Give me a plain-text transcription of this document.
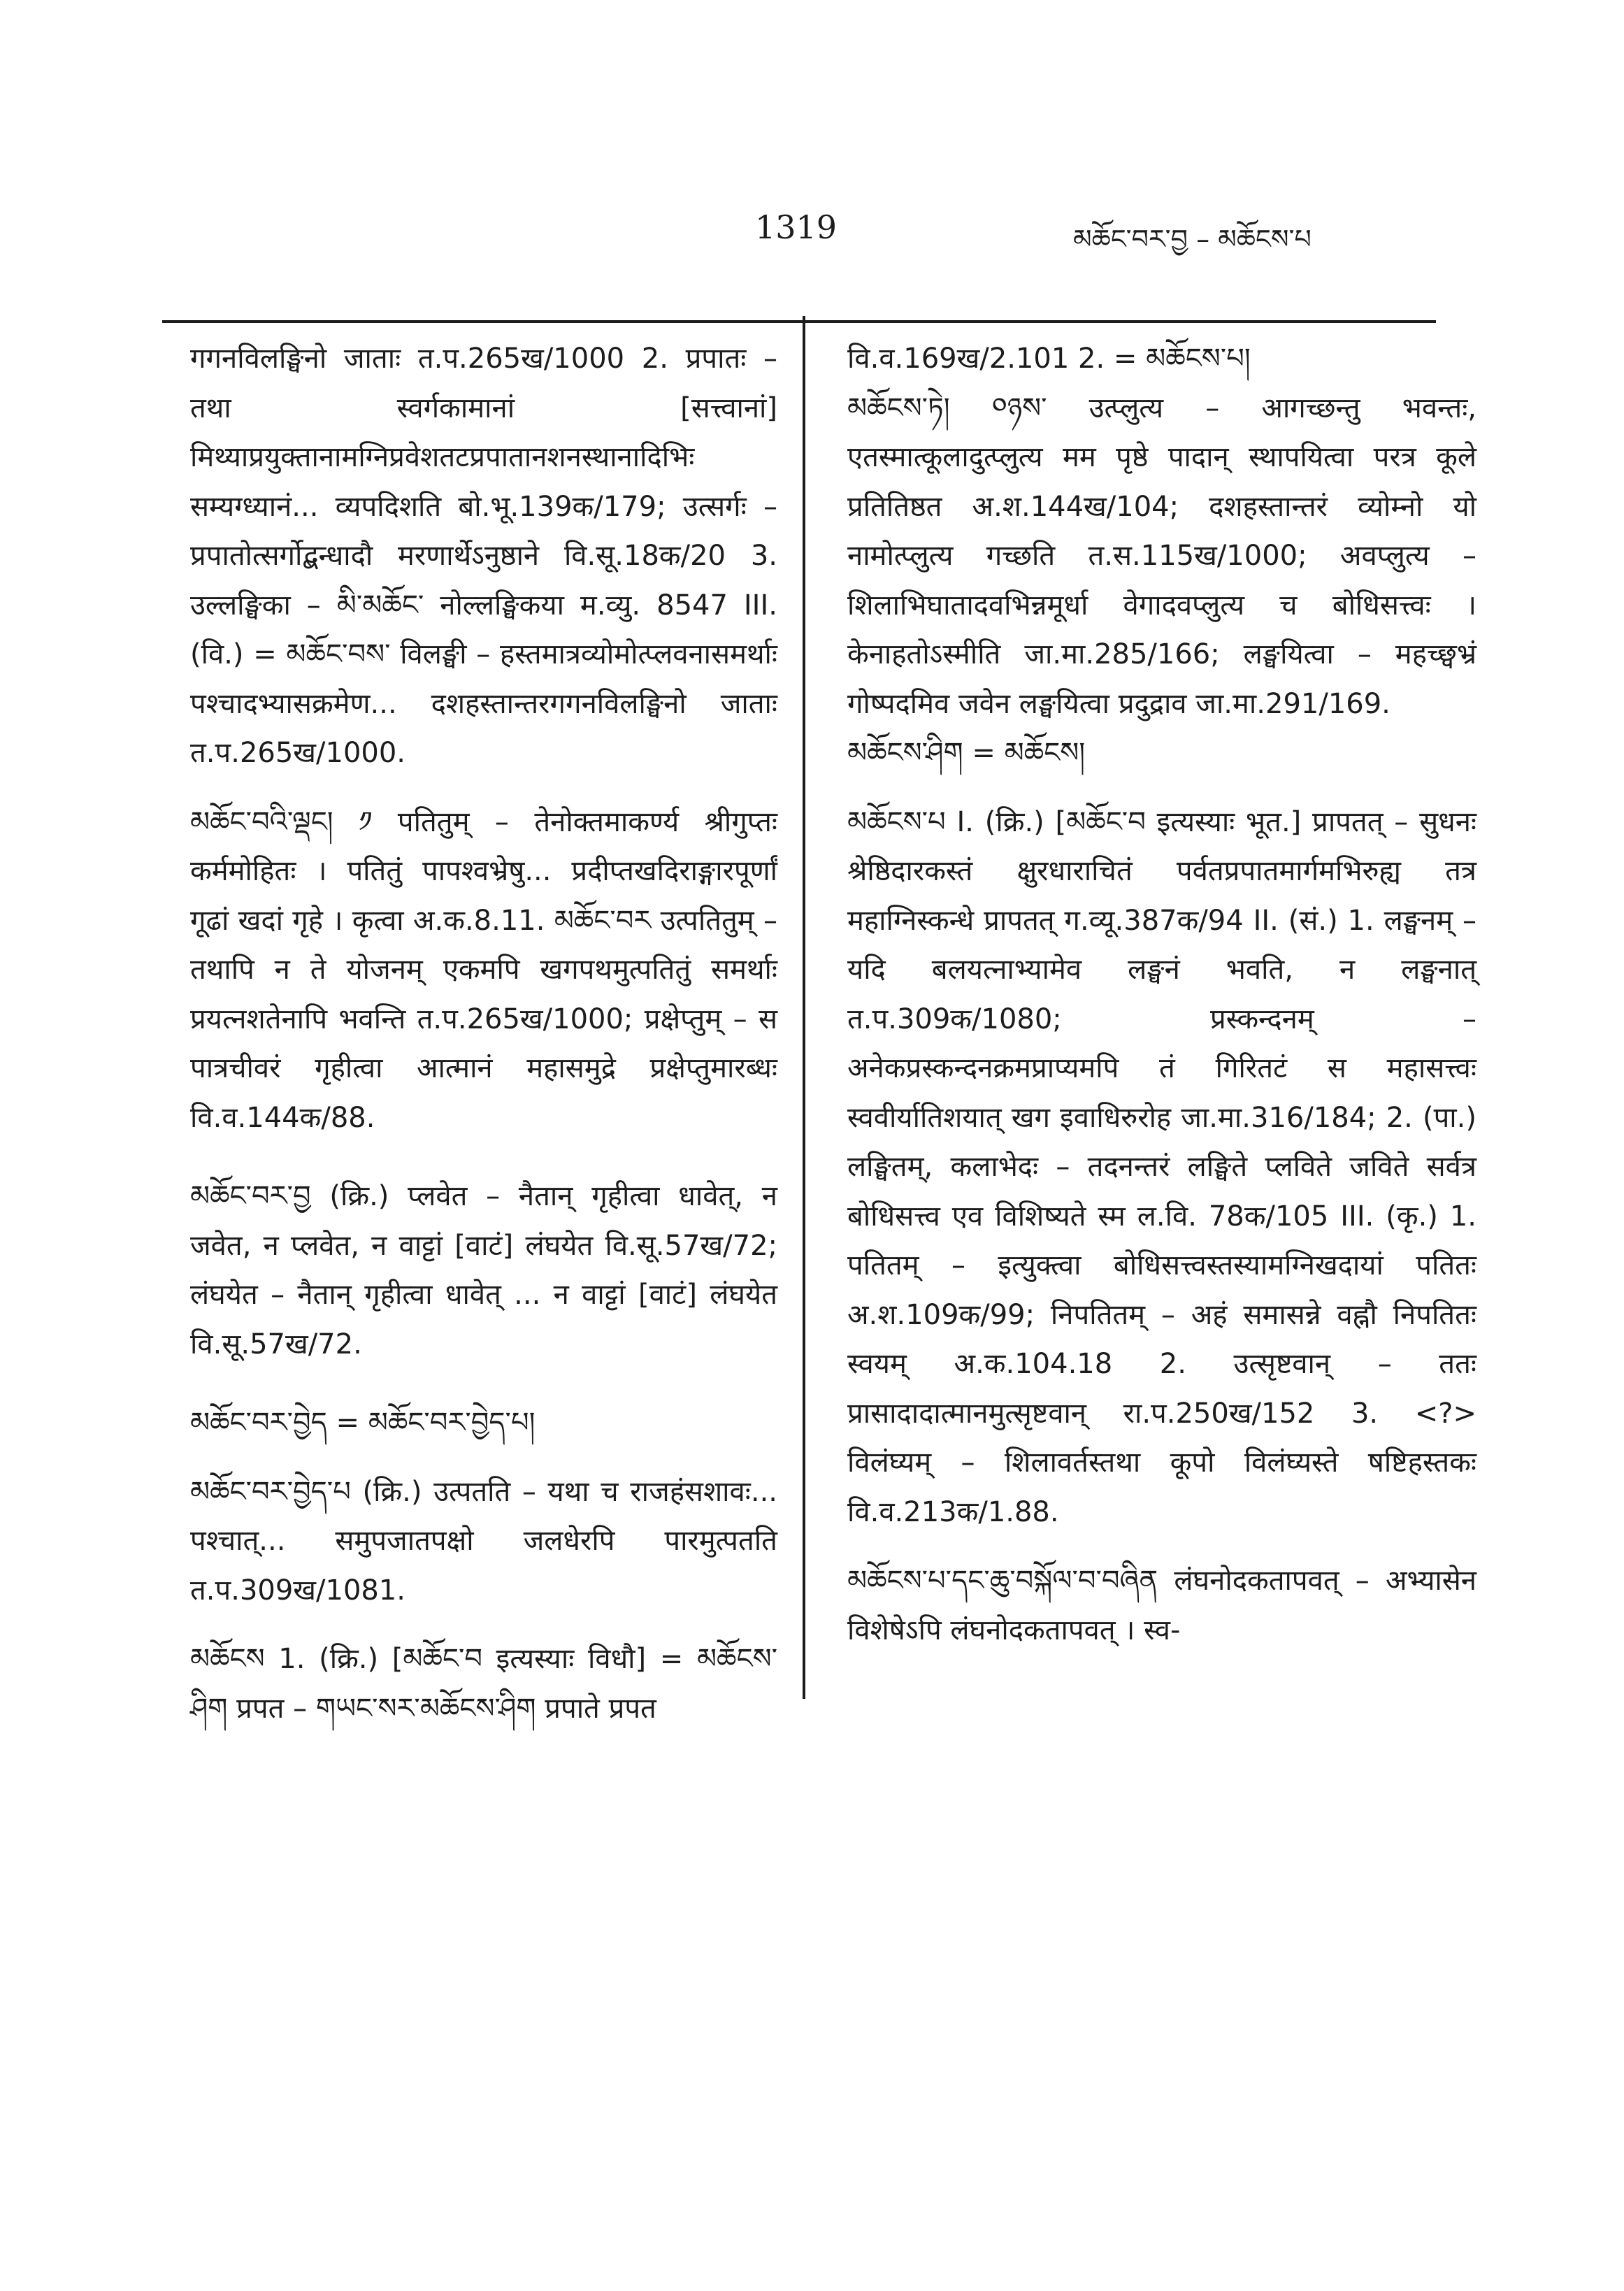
1319	མཆོང་བར་བྱ – མཆོངས་པ

गगनविलङ्घिनो जाताः त.प.265ख/1000 2. प्रपातः – तथा स्वर्गकामानां [सत्त्वानां] मिथ्याप्रयुक्तानामग्निप्रवेशतटप्रपातानशनस्थानादिभिः सम्यग्ध्यानं... व्यपदिशति बो.भू.139क/179; उत्सर्गः – प्रपातोत्सर्गोद्बन्धादौ मरणार्थेऽनुष्ठाने वि.सू.18क/20 3. उल्लङ्घिका – མི་མཆོང་ नोल्लङ्घिकया म.व्यु. 8547 III. (वि.) = མཆོང་བས་ विलङ्घी – हस्तमात्रव्योमोत्प्लवनासमर्थाः पश्चादभ्यासक्रमेण... दशहस्तान्तरगगनविलङ्घिनो जाताः त.प.265ख/1000.

མཆོང་བའི་ལྡང། ༡ पतितुम् – तेनोक्तमाकर्ण्य श्रीगुप्तः कर्ममोहितः । पतितुं पापश्वभ्रेषु... प्रदीप्तखदिराङ्गारपूर्णां गूढां खदां गृहे । कृत्वा अ.क.8.11. མཆོང་བར उत्पतितुम् – तथापि न ते योजनम् एकमपि खगपथमुत्पतितुं समर्थाः प्रयत्नशतेनापि भवन्ति त.प.265ख/1000; प्रक्षेप्तुम् – स पात्रचीवरं गृहीत्वा आत्मानं महासमुद्रे प्रक्षेप्तुमारब्धः वि.व.144क/88.

མཆོང་བར་བྱ (क्रि.) प्लवेत – नैतान् गृहीत्वा धावेत्, न जवेत, न प्लवेत, न वाट्टां [वाटं] लंघयेत वि.सू.57ख/72; लंघयेत – नैतान् गृहीत्वा धावेत् ... न वाट्टां [वाटं] लंघयेत वि.सू.57ख/72.

མཆོང་བར་བྱེད = མཆོང་བར་བྱེད་པ།

མཆོང་བར་བྱེད་པ (क्रि.) उत्पतति – यथा च राजहंसशावः... पश्चात्... समुपजातपक्षो जलधेरपि पारमुत्पतति त.प.309ख/1081.

མཆོངས 1. (क्रि.) [མཆོང་བ इत्यस्याः विधौ] = མཆོངས་ཤིག प्रपत – གཡང་སར་མཆོངས་ཤིག प्रपाते प्रपत

वि.व.169ख/2.101 2. = མཆོངས་པ།

མཆོངས་ཏེ། ༠ཉས་ उत्प्लुत्य – आगच्छन्तु भवन्तः, एतस्मात्कूलादुत्प्लुत्य मम पृष्ठे पादान् स्थापयित्वा परत्र कूले प्रतितिष्ठत अ.श.144ख/104; दशहस्तान्तरं व्योम्नो यो नामोत्प्लुत्य गच्छति त.स.115ख/1000; अवप्लुत्य – शिलाभिघातादवभिन्नमूर्धा वेगादवप्लुत्य च बोधिसत्त्वः । केनाहतोऽस्मीति जा.मा.285/166; लङ्घयित्वा – महच्छ्वभ्रं गोष्पदमिव जवेन लङ्घयित्वा प्रदुद्राव जा.मा.291/169.

མཆོངས་ཤིག = མཆོངས།

མཆོངས་པ I. (क्रि.) [མཆོང་བ इत्यस्याः भूत.] प्रापतत् – सुधनः श्रेष्ठिदारकस्तं क्षुरधाराचितं पर्वतप्रपातमार्गमभिरुह्य तत्र महाग्निस्कन्धे प्रापतत् ग.व्यू.387क/94 II. (सं.) 1. लङ्घनम् – यदि बलयत्नाभ्यामेव लङ्घनं भवति, न लङ्घनात् त.प.309क/1080; प्रस्कन्दनम् – अनेकप्रस्कन्दनक्रमप्राप्यमपि तं गिरितटं स महासत्त्वः स्ववीर्यातिशयात् खग इवाधिरुरोह जा.मा.316/184; 2. (पा.) लङ्घितम्, कलाभेदः – तदनन्तरं लङ्घिते प्लविते जविते सर्वत्र बोधिसत्त्व एव विशिष्यते स्म ल.वि. 78क/105 III. (कृ.) 1. पतितम् – इत्युक्त्वा बोधिसत्त्वस्तस्यामग्निखदायां पतितः अ.श.109क/99; निपतितम् – अहं समासन्ने वह्नौ निपतितः स्वयम् अ.क.104.18 2. उत्सृष्टवान् – ततः प्रासादादात्मानमुत्सृष्टवान् रा.प.250ख/152 3. <?> विलंघ्यम् – शिलावर्तस्तथा कूपो विलंघ्यस्ते षष्टिहस्तकः वि.व.213क/1.88.

མཆོངས་པ་དང་ཆུ་བསྐོལ་བ་བཞིན लंघनोदकतापवत् – अभ्यासेन विशेषेऽपि लंघनोदकतापवत् । स्व-
